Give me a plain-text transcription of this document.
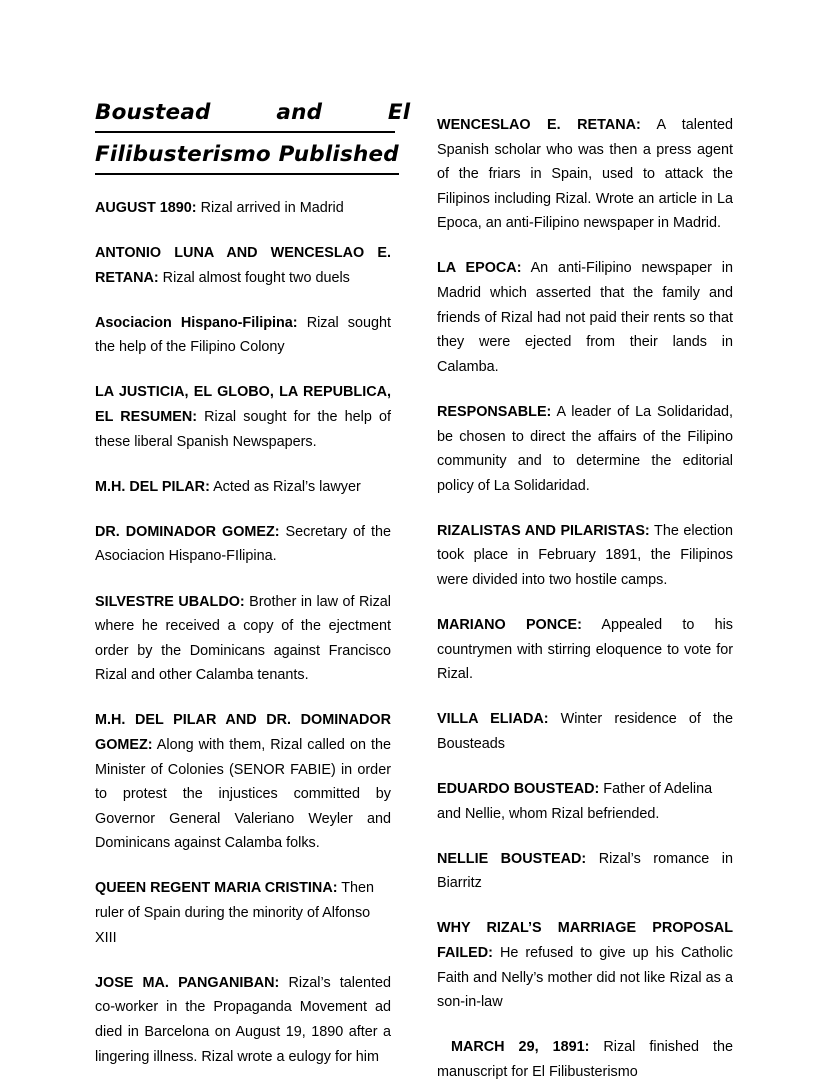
Boustead	and	El
Filibusterismo Published

AUGUST 1890: Rizal arrived in Madrid

ANTONIO LUNA AND WENCESLAO E. RETANA: Rizal almost fought two duels

Asociacion Hispano-Filipina: Rizal sought the help of the Filipino Colony

LA JUSTICIA, EL GLOBO, LA REPUBLICA, EL RESUMEN: Rizal sought for the help of these liberal Spanish Newspapers.

M.H. DEL PILAR: Acted as Rizal’s lawyer

DR. DOMINADOR GOMEZ: Secretary of the Asociacion Hispano-FIlipina.

SILVESTRE UBALDO: Brother in law of Rizal where he received a copy of the ejectment order by the Dominicans against Francisco Rizal and other Calamba tenants.

M.H. DEL PILAR AND DR. DOMINADOR GOMEZ: Along with them, Rizal called on the Minister of Colonies (SENOR FABIE) in order to protest the injustices committed by Governor General Valeriano Weyler and Dominicans against Calamba folks.

QUEEN REGENT MARIA CRISTINA: Then ruler of Spain during the minority of Alfonso XIII

JOSE MA. PANGANIBAN: Rizal’s talented co-worker in the Propaganda Movement ad died in Barcelona on August 19, 1890 after a lingering illness. Rizal wrote a eulogy for him

WENCESLAO E. RETANA: A talented Spanish scholar who was then a press agent of the friars in Spain, used to attack the Filipinos including Rizal. Wrote an article in La Epoca, an anti-Filipino newspaper in Madrid.

LA EPOCA: An anti-Filipino newspaper in Madrid which asserted that the family and friends of Rizal had not paid their rents so that they were ejected from their lands in Calamba.

RESPONSABLE: A leader of La Solidaridad, be chosen to direct the affairs of the Filipino community and to determine the editorial policy of La Solidaridad.

RIZALISTAS AND PILARISTAS: The election took place in February 1891, the Filipinos were divided into two hostile camps.

MARIANO PONCE: Appealed to his countrymen with stirring eloquence to vote for Rizal.

VILLA ELIADA: Winter residence of the Bousteads

EDUARDO BOUSTEAD: Father of Adelina and Nellie, whom Rizal befriended.

NELLIE BOUSTEAD: Rizal’s romance in Biarritz

WHY RIZAL’S MARRIAGE PROPOSAL FAILED: He refused to give up his Catholic Faith and Nelly’s mother did not like Rizal as a son-in-law

MARCH 29, 1891: Rizal finished the manuscript for El Filibusterismo
